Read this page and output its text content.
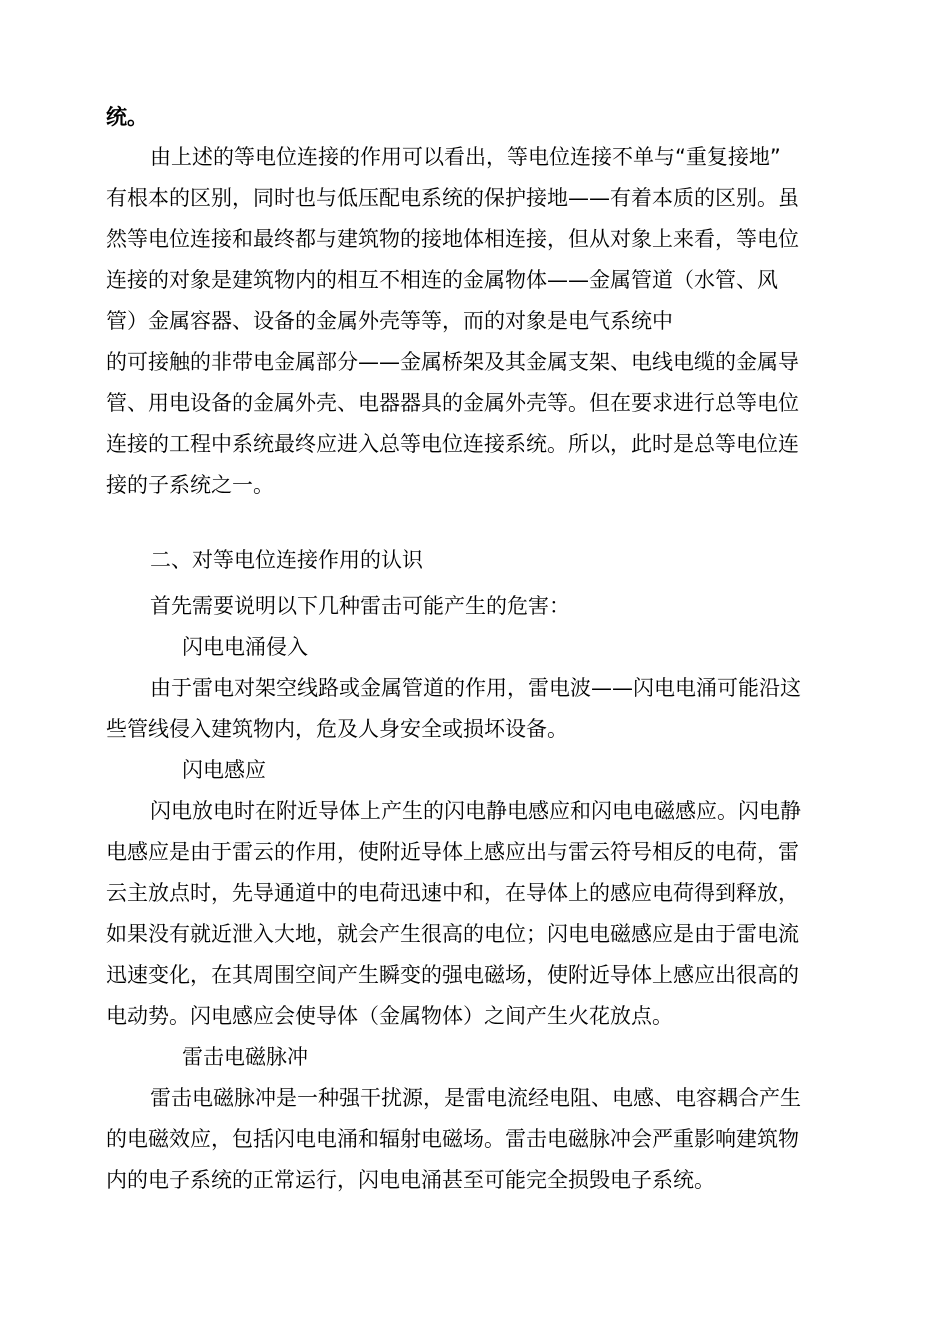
统。

由上述的等电位连接的作用可以看出，等电位连接不单与“重复接地”

有根本的区别，同时也与低压配电系统的保护接地——有着本质的区别。虽

然等电位连接和最终都与建筑物的接地体相连接，但从对象上来看，等电位

连接的对象是建筑物内的相互不相连的金属物体——金属管道（水管、风

管）金属容器、设备的金属外壳等等，而的对象是电气系统中

的可接触的非带电金属部分——金属桥架及其金属支架、电线电缆的金属导

管、用电设备的金属外壳、电器器具的金属外壳等。但在要求进行总等电位

连接的工程中系统最终应进入总等电位连接系统。所以，此时是总等电位连

接的子系统之一。

二、对等电位连接作用的认识

首先需要说明以下几种雷击可能产生的危害：

闪电电涌侵入

由于雷电对架空线路或金属管道的作用，雷电波——闪电电涌可能沿这

些管线侵入建筑物内，危及人身安全或损坏设备。

闪电感应

闪电放电时在附近导体上产生的闪电静电感应和闪电电磁感应。闪电静

电感应是由于雷云的作用，使附近导体上感应出与雷云符号相反的电荷，雷

云主放点时，先导通道中的电荷迅速中和，在导体上的感应电荷得到释放，

如果没有就近泄入大地，就会产生很高的电位；闪电电磁感应是由于雷电流

迅速变化，在其周围空间产生瞬变的强电磁场，使附近导体上感应出很高的

电动势。闪电感应会使导体（金属物体）之间产生火花放点。

雷击电磁脉冲

雷击电磁脉冲是一种强干扰源，是雷电流经电阻、电感、电容耦合产生

的电磁效应，包括闪电电涌和辐射电磁场。雷击电磁脉冲会严重影响建筑物

内的电子系统的正常运行，闪电电涌甚至可能完全损毁电子系统。
